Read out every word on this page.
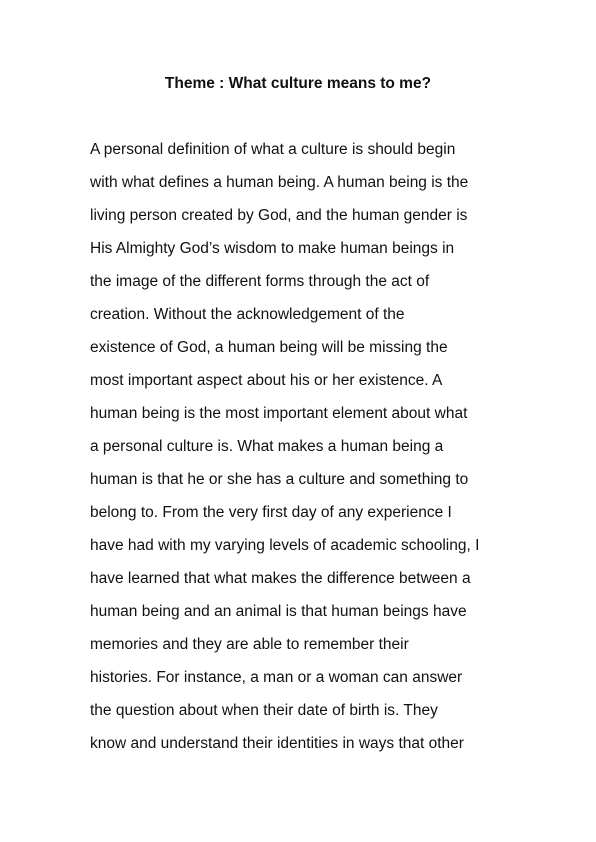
Theme : What culture means to me?
A personal definition of what a culture is should begin
with what defines a human being. A human being is the
living person created by God, and the human gender is
His Almighty God’s wisdom to make human beings in
the image of the different forms through the act of
creation. Without the acknowledgement of the
existence of God, a human being will be missing the
most important aspect about his or her existence. A
human being is the most important element about what
a personal culture is. What makes a human being a
human is that he or she has a culture and something to
belong to. From the very first day of any experience I
have had with my varying levels of academic schooling, I
have learned that what makes the difference between a
human being and an animal is that human beings have
memories and they are able to remember their
histories. For instance, a man or a woman can answer
the question about when their date of birth is. They
know and understand their identities in ways that other
